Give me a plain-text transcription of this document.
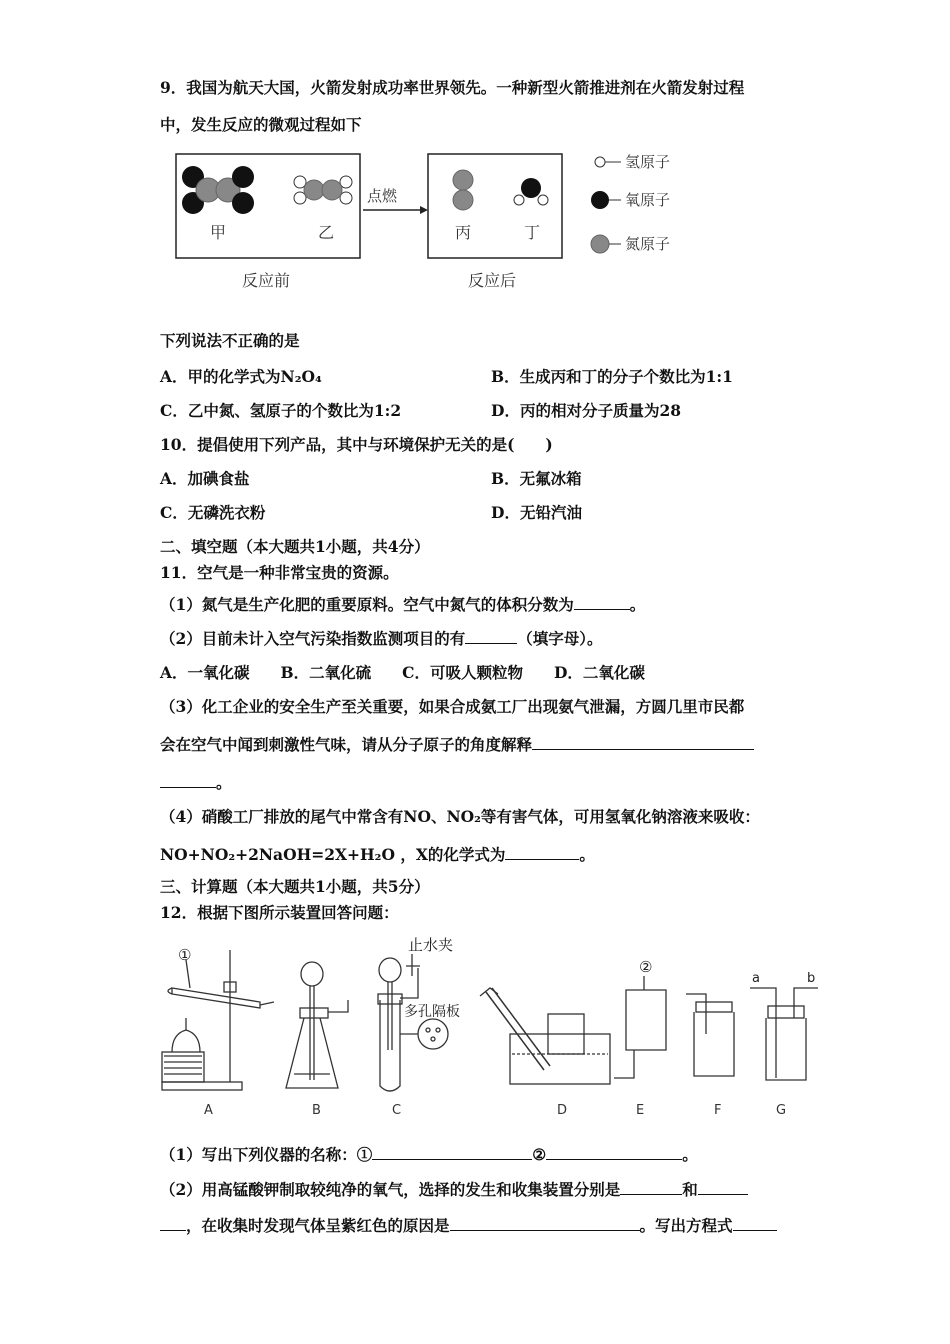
9．我国为航天大国，火箭发射成功率世界领先。一种新型火箭推进剂在火箭发射过程
中，发生反应的微观过程如下
甲	乙
点燃
丙	丁
反应前	反应后
氢原子
氧原子
氮原子
下列说法不正确的是
A．甲的化学式为N₂O₄	B．生成丙和丁的分子个数比为1:1
C．乙中氮、氢原子的个数比为1:2	D．丙的相对分子质量为28
10．提倡使用下列产品，其中与环境保护无关的是(　　)
A．加碘食盐	B．无氟冰箱
C．无磷洗衣粉	D．无铅汽油
二、填空题（本大题共1小题，共4分）
11．空气是一种非常宝贵的资源。
（1）氮气是生产化肥的重要原料。空气中氮气的体积分数为	。
（2）目前未计入空气污染指数监测项目的有	（填字母）。
A．一氧化碳　　B．二氧化硫　　C．可吸人颗粒物　　D．二氧化碳
（3）化工企业的安全生产至关重要，如果合成氨工厂出现氨气泄漏，方圆几里市民都
会在空气中闻到刺激性气味，请从分子原子的角度解释
。
（4）硝酸工厂排放的尾气中常含有NO、NO₂等有害气体，可用氢氧化钠溶液来吸收：
NO+NO₂+2NaOH=2X+H₂O ，X的化学式为	。
三、计算题（本大题共1小题，共5分）
12．根据下图所示装置回答问题：
①
②
止水夹
多孔隔板
a	b
A	B	C	D	E	F	G
（1）写出下列仪器的名称：①	②	。
（2）用高锰酸钾制取较纯净的氧气，选择的发生和收集装置分别是	和
，在收集时发现气体呈紫红色的原因是	。写出方程式
